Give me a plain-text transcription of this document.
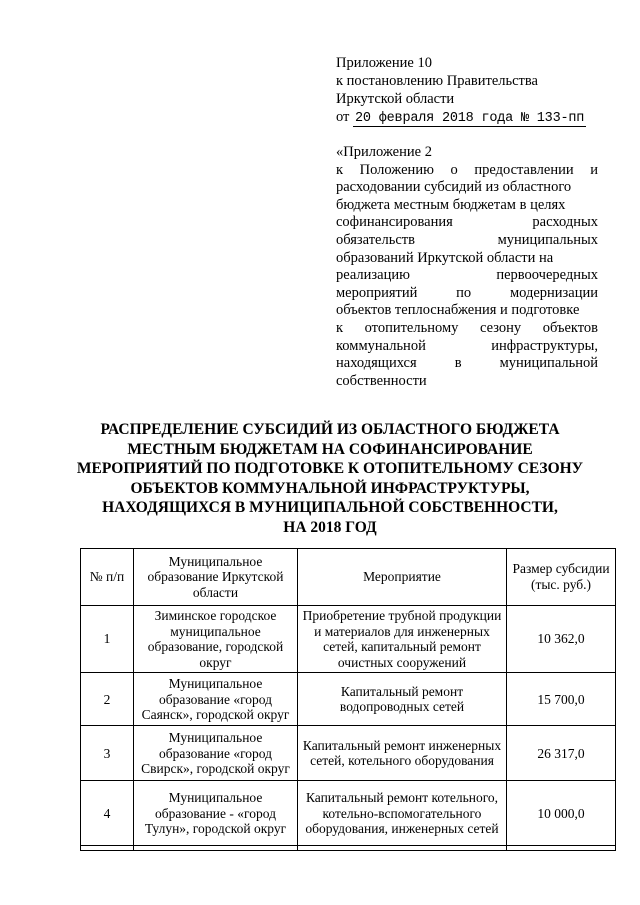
Приложение 10
к постановлению Правительства
Иркутской области
от 20 февраля 2018 года № 133-пп
«Приложение 2
к Положению о предоставлении и
расходовании субсидий из областного
бюджета местным бюджетам в целях
софинансирования	расходных
обязательств	муниципальных
образований Иркутской области на
реализацию	первоочередных
мероприятий	по	модернизации
объектов теплоснабжения и подготовке
к отопительному сезону объектов
коммунальной	инфраструктуры,
находящихся	в	муниципальной
собственности
РАСПРЕДЕЛЕНИЕ СУБСИДИЙ ИЗ ОБЛАСТНОГО БЮДЖЕТА
МЕСТНЫМ БЮДЖЕТАМ НА СОФИНАНСИРОВАНИЕ
МЕРОПРИЯТИЙ ПО ПОДГОТОВКЕ К ОТОПИТЕЛЬНОМУ СЕЗОНУ
ОБЪЕКТОВ КОММУНАЛЬНОЙ ИНФРАСТРУКТУРЫ,
НАХОДЯЩИХСЯ В МУНИЦИПАЛЬНОЙ СОБСТВЕННОСТИ,
НА 2018 ГОД
№ п/п	Муниципальное образование Иркутской области	Мероприятие	Размер субсидии (тыс. руб.)
1	Зиминское городское муниципальное образование, городской округ	Приобретение трубной продукции и материалов для инженерных сетей, капитальный ремонт очистных сооружений	10 362,0
2	Муниципальное образование «город Саянск», городской округ	Капитальный ремонт водопроводных сетей	15 700,0
3	Муниципальное образование «город Свирск», городской округ	Капитальный ремонт инженерных сетей, котельного оборудования	26 317,0
4	Муниципальное образование - «город Тулун», городской округ	Капитальный ремонт котельного, котельно-вспомогательного оборудования, инженерных сетей	10 000,0
